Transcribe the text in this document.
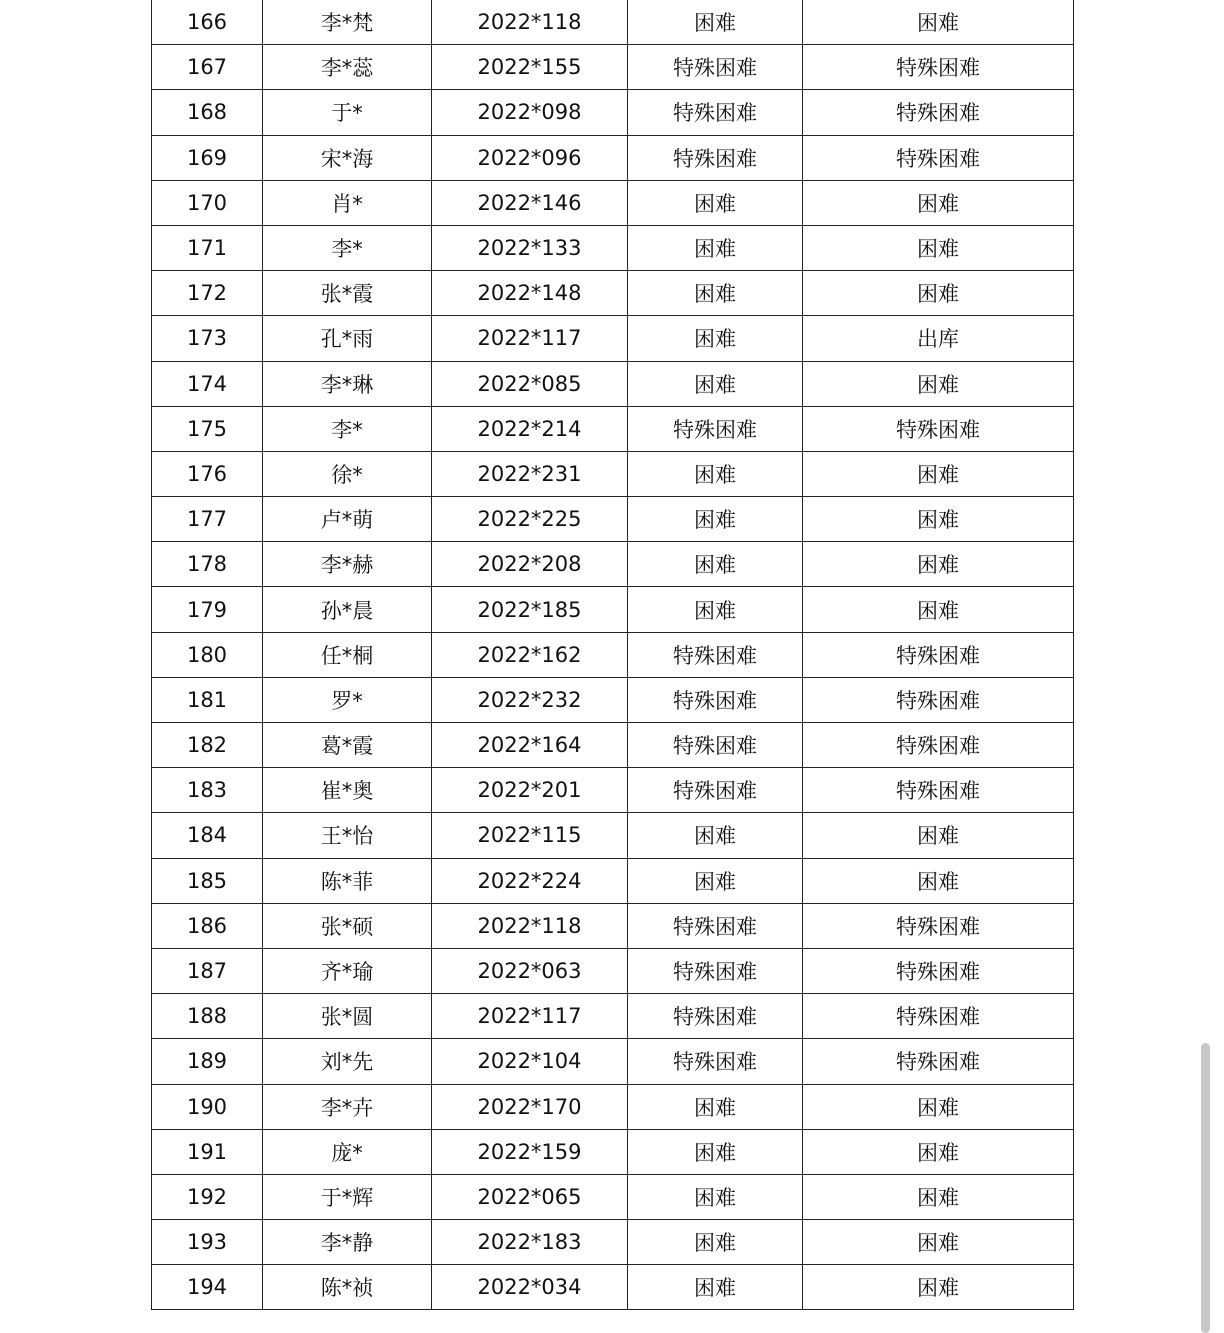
166	李*梵	2022*118	困难	困难
167	李*蕊	2022*155	特殊困难	特殊困难
168	于*	2022*098	特殊困难	特殊困难
169	宋*海	2022*096	特殊困难	特殊困难
170	肖*	2022*146	困难	困难
171	李*	2022*133	困难	困难
172	张*霞	2022*148	困难	困难
173	孔*雨	2022*117	困难	出库
174	李*琳	2022*085	困难	困难
175	李*	2022*214	特殊困难	特殊困难
176	徐*	2022*231	困难	困难
177	卢*萌	2022*225	困难	困难
178	李*赫	2022*208	困难	困难
179	孙*晨	2022*185	困难	困难
180	任*桐	2022*162	特殊困难	特殊困难
181	罗*	2022*232	特殊困难	特殊困难
182	葛*霞	2022*164	特殊困难	特殊困难
183	崔*奥	2022*201	特殊困难	特殊困难
184	王*怡	2022*115	困难	困难
185	陈*菲	2022*224	困难	困难
186	张*硕	2022*118	特殊困难	特殊困难
187	齐*瑜	2022*063	特殊困难	特殊困难
188	张*圆	2022*117	特殊困难	特殊困难
189	刘*先	2022*104	特殊困难	特殊困难
190	李*卉	2022*170	困难	困难
191	庞*	2022*159	困难	困难
192	于*辉	2022*065	困难	困难
193	李*静	2022*183	困难	困难
194	陈*祯	2022*034	困难	困难
